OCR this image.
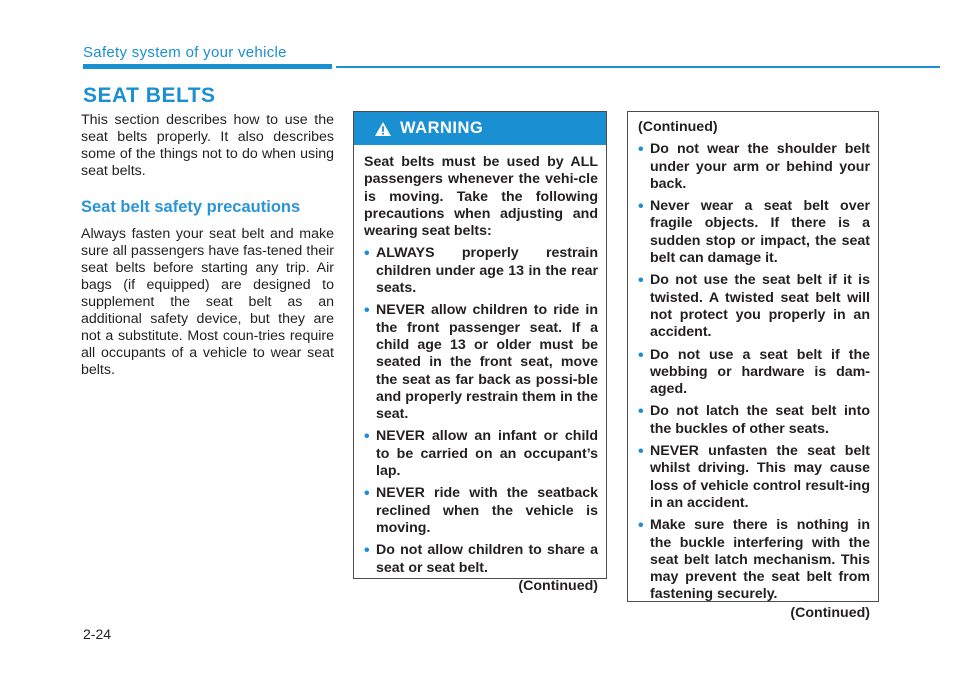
Safety system of your vehicle
SEAT BELTS

This section describes how to use the seat belts properly. It also describes some of the things not to do when using seat belts.

Seat belt safety precautions

Always fasten your seat belt and make sure all passengers have fas-tened their seat belts before starting any trip. Air bags (if equipped) are designed to supplement the seat belt as an additional safety device, but they are not a substitute. Most coun-tries require all occupants of a vehicle to wear seat belts.

WARNING

Seat belts must be used by ALL passengers whenever the vehi-cle is moving. Take the following precautions when adjusting and wearing seat belts:

• ALWAYS properly restrain children under age 13 in the rear seats.
• NEVER allow children to ride in the front passenger seat. If a child age 13 or older must be seated in the front seat, move the seat as far back as possi-ble and properly restrain them in the seat.
• NEVER allow an infant or child to be carried on an occupant’s lap.
• NEVER ride with the seatback reclined when the vehicle is moving.
• Do not allow children to share a seat or seat belt.

(Continued)

(Continued)

• Do not wear the shoulder belt under your arm or behind your back.
• Never wear a seat belt over fragile objects. If there is a sudden stop or impact, the seat belt can damage it.
• Do not use the seat belt if it is twisted. A twisted seat belt will not protect you properly in an accident.
• Do not use a seat belt if the webbing or hardware is dam-aged.
• Do not latch the seat belt into the buckles of other seats.
• NEVER unfasten the seat belt whilst driving. This may cause loss of vehicle control result-ing in an accident.
• Make sure there is nothing in the buckle interfering with the seat belt latch mechanism. This may prevent the seat belt from fastening securely.

(Continued)

2-24
